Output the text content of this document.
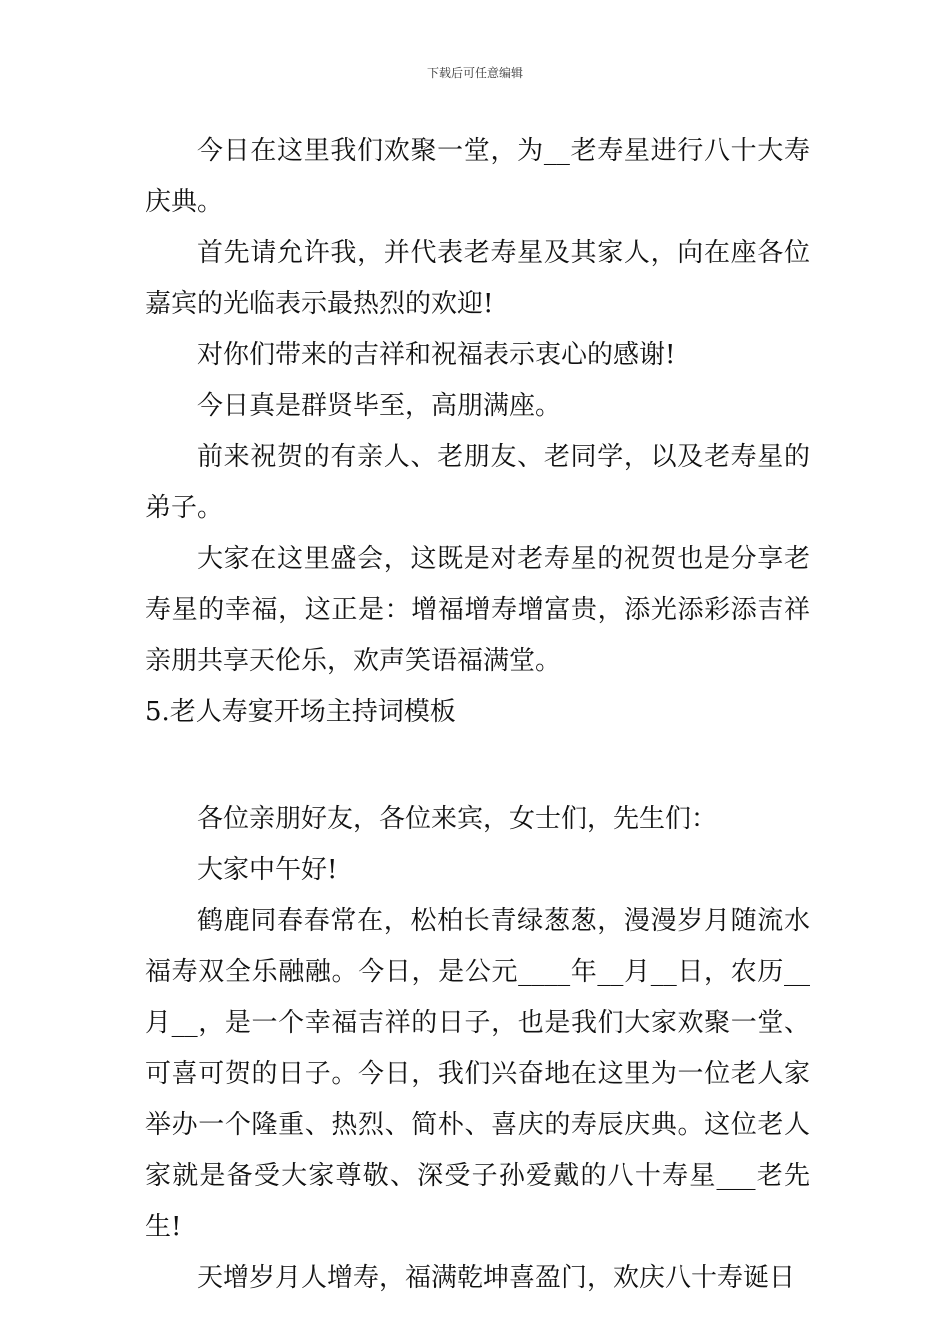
下载后可任意编辑

今日在这里我们欢聚一堂，为__老寿星进行八十大寿庆典。

首先请允许我，并代表老寿星及其家人，向在座各位嘉宾的光临表示最热烈的欢迎!

对你们带来的吉祥和祝福表示衷心的感谢!

今日真是群贤毕至，高朋满座。

前来祝贺的有亲人、老朋友、老同学，以及老寿星的弟子。

大家在这里盛会，这既是对老寿星的祝贺也是分享老寿星的幸福，这正是：增福增寿增富贵，添光添彩添吉祥亲朋共享天伦乐，欢声笑语福满堂。

5.老人寿宴开场主持词模板

各位亲朋好友，各位来宾，女士们，先生们：

大家中午好!

鹤鹿同春春常在，松柏长青绿葱葱，漫漫岁月随流水福寿双全乐融融。今日，是公元____年__月__日，农历__月__，是一个幸福吉祥的日子，也是我们大家欢聚一堂、可喜可贺的日子。今日，我们兴奋地在这里为一位老人家举办一个隆重、热烈、简朴、喜庆的寿辰庆典。这位老人家就是备受大家尊敬、深受子孙爱戴的八十寿星___老先生!

天增岁月人增寿，福满乾坤喜盈门，欢庆八十寿诞日
